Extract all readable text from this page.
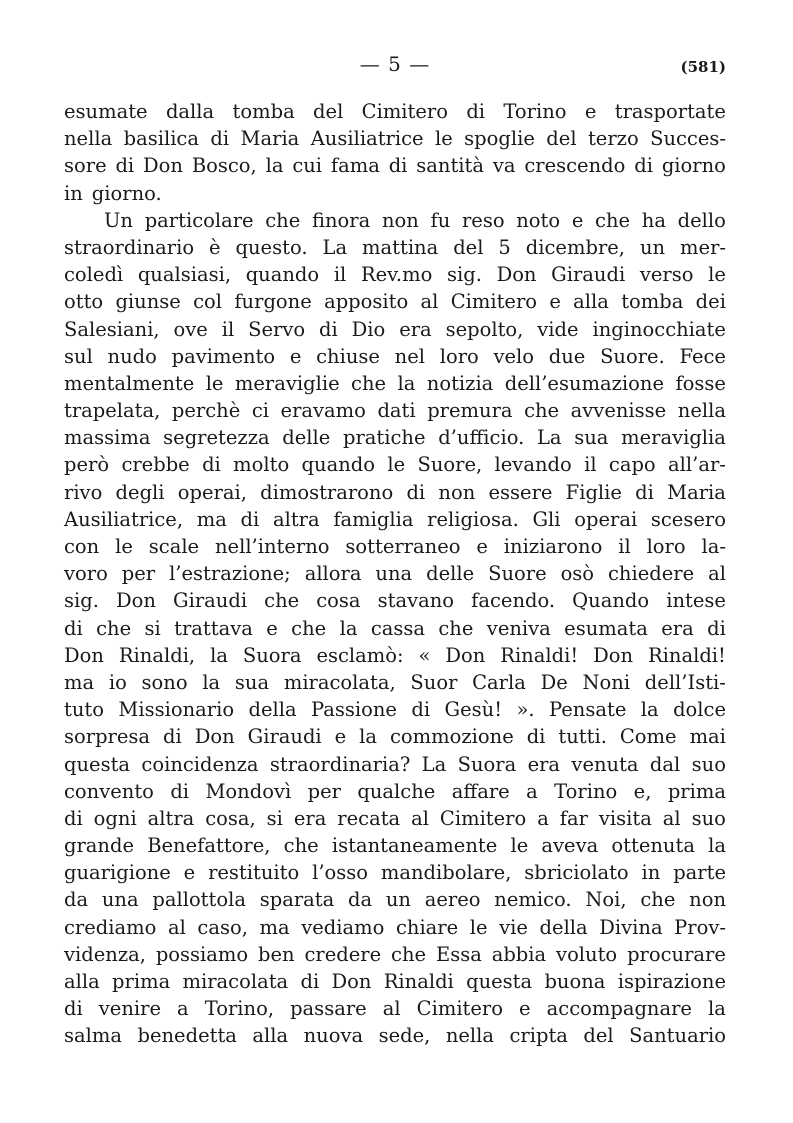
— 5 —	(581)
esumate dalla tomba del Cimitero di Torino e trasportate
nella basilica di Maria Ausiliatrice le spoglie del terzo Succes-
sore di Don Bosco, la cui fama di santità va crescendo di giorno
in giorno.
Un particolare che finora non fu reso noto e che ha dello
straordinario è questo. La mattina del 5 dicembre, un mer-
coledì qualsiasi, quando il Rev.mo sig. Don Giraudi verso le
otto giunse col furgone apposito al Cimitero e alla tomba dei
Salesiani, ove il Servo di Dio era sepolto, vide inginocchiate
sul nudo pavimento e chiuse nel loro velo due Suore. Fece
mentalmente le meraviglie che la notizia dell’esumazione fosse
trapelata, perchè ci eravamo dati premura che avvenisse nella
massima segretezza delle pratiche d’ufficio. La sua meraviglia
però crebbe di molto quando le Suore, levando il capo all’ar-
rivo degli operai, dimostrarono di non essere Figlie di Maria
Ausiliatrice, ma di altra famiglia religiosa. Gli operai scesero
con le scale nell’interno sotterraneo e iniziarono il loro la-
voro per l’estrazione; allora una delle Suore osò chiedere al
sig. Don Giraudi che cosa stavano facendo. Quando intese
di che si trattava e che la cassa che veniva esumata era di
Don Rinaldi, la Suora esclamò: « Don Rinaldi! Don Rinaldi!
ma io sono la sua miracolata, Suor Carla De Noni dell’Isti-
tuto Missionario della Passione di Gesù! ». Pensate la dolce
sorpresa di Don Giraudi e la commozione di tutti. Come mai
questa coincidenza straordinaria? La Suora era venuta dal suo
convento di Mondovì per qualche affare a Torino e, prima
di ogni altra cosa, si era recata al Cimitero a far visita al suo
grande Benefattore, che istantaneamente le aveva ottenuta la
guarigione e restituito l’osso mandibolare, sbriciolato in parte
da una pallottola sparata da un aereo nemico. Noi, che non
crediamo al caso, ma vediamo chiare le vie della Divina Prov-
videnza, possiamo ben credere che Essa abbia voluto procurare
alla prima miracolata di Don Rinaldi questa buona ispirazione
di venire a Torino, passare al Cimitero e accompagnare la
salma benedetta alla nuova sede, nella cripta del Santuario
